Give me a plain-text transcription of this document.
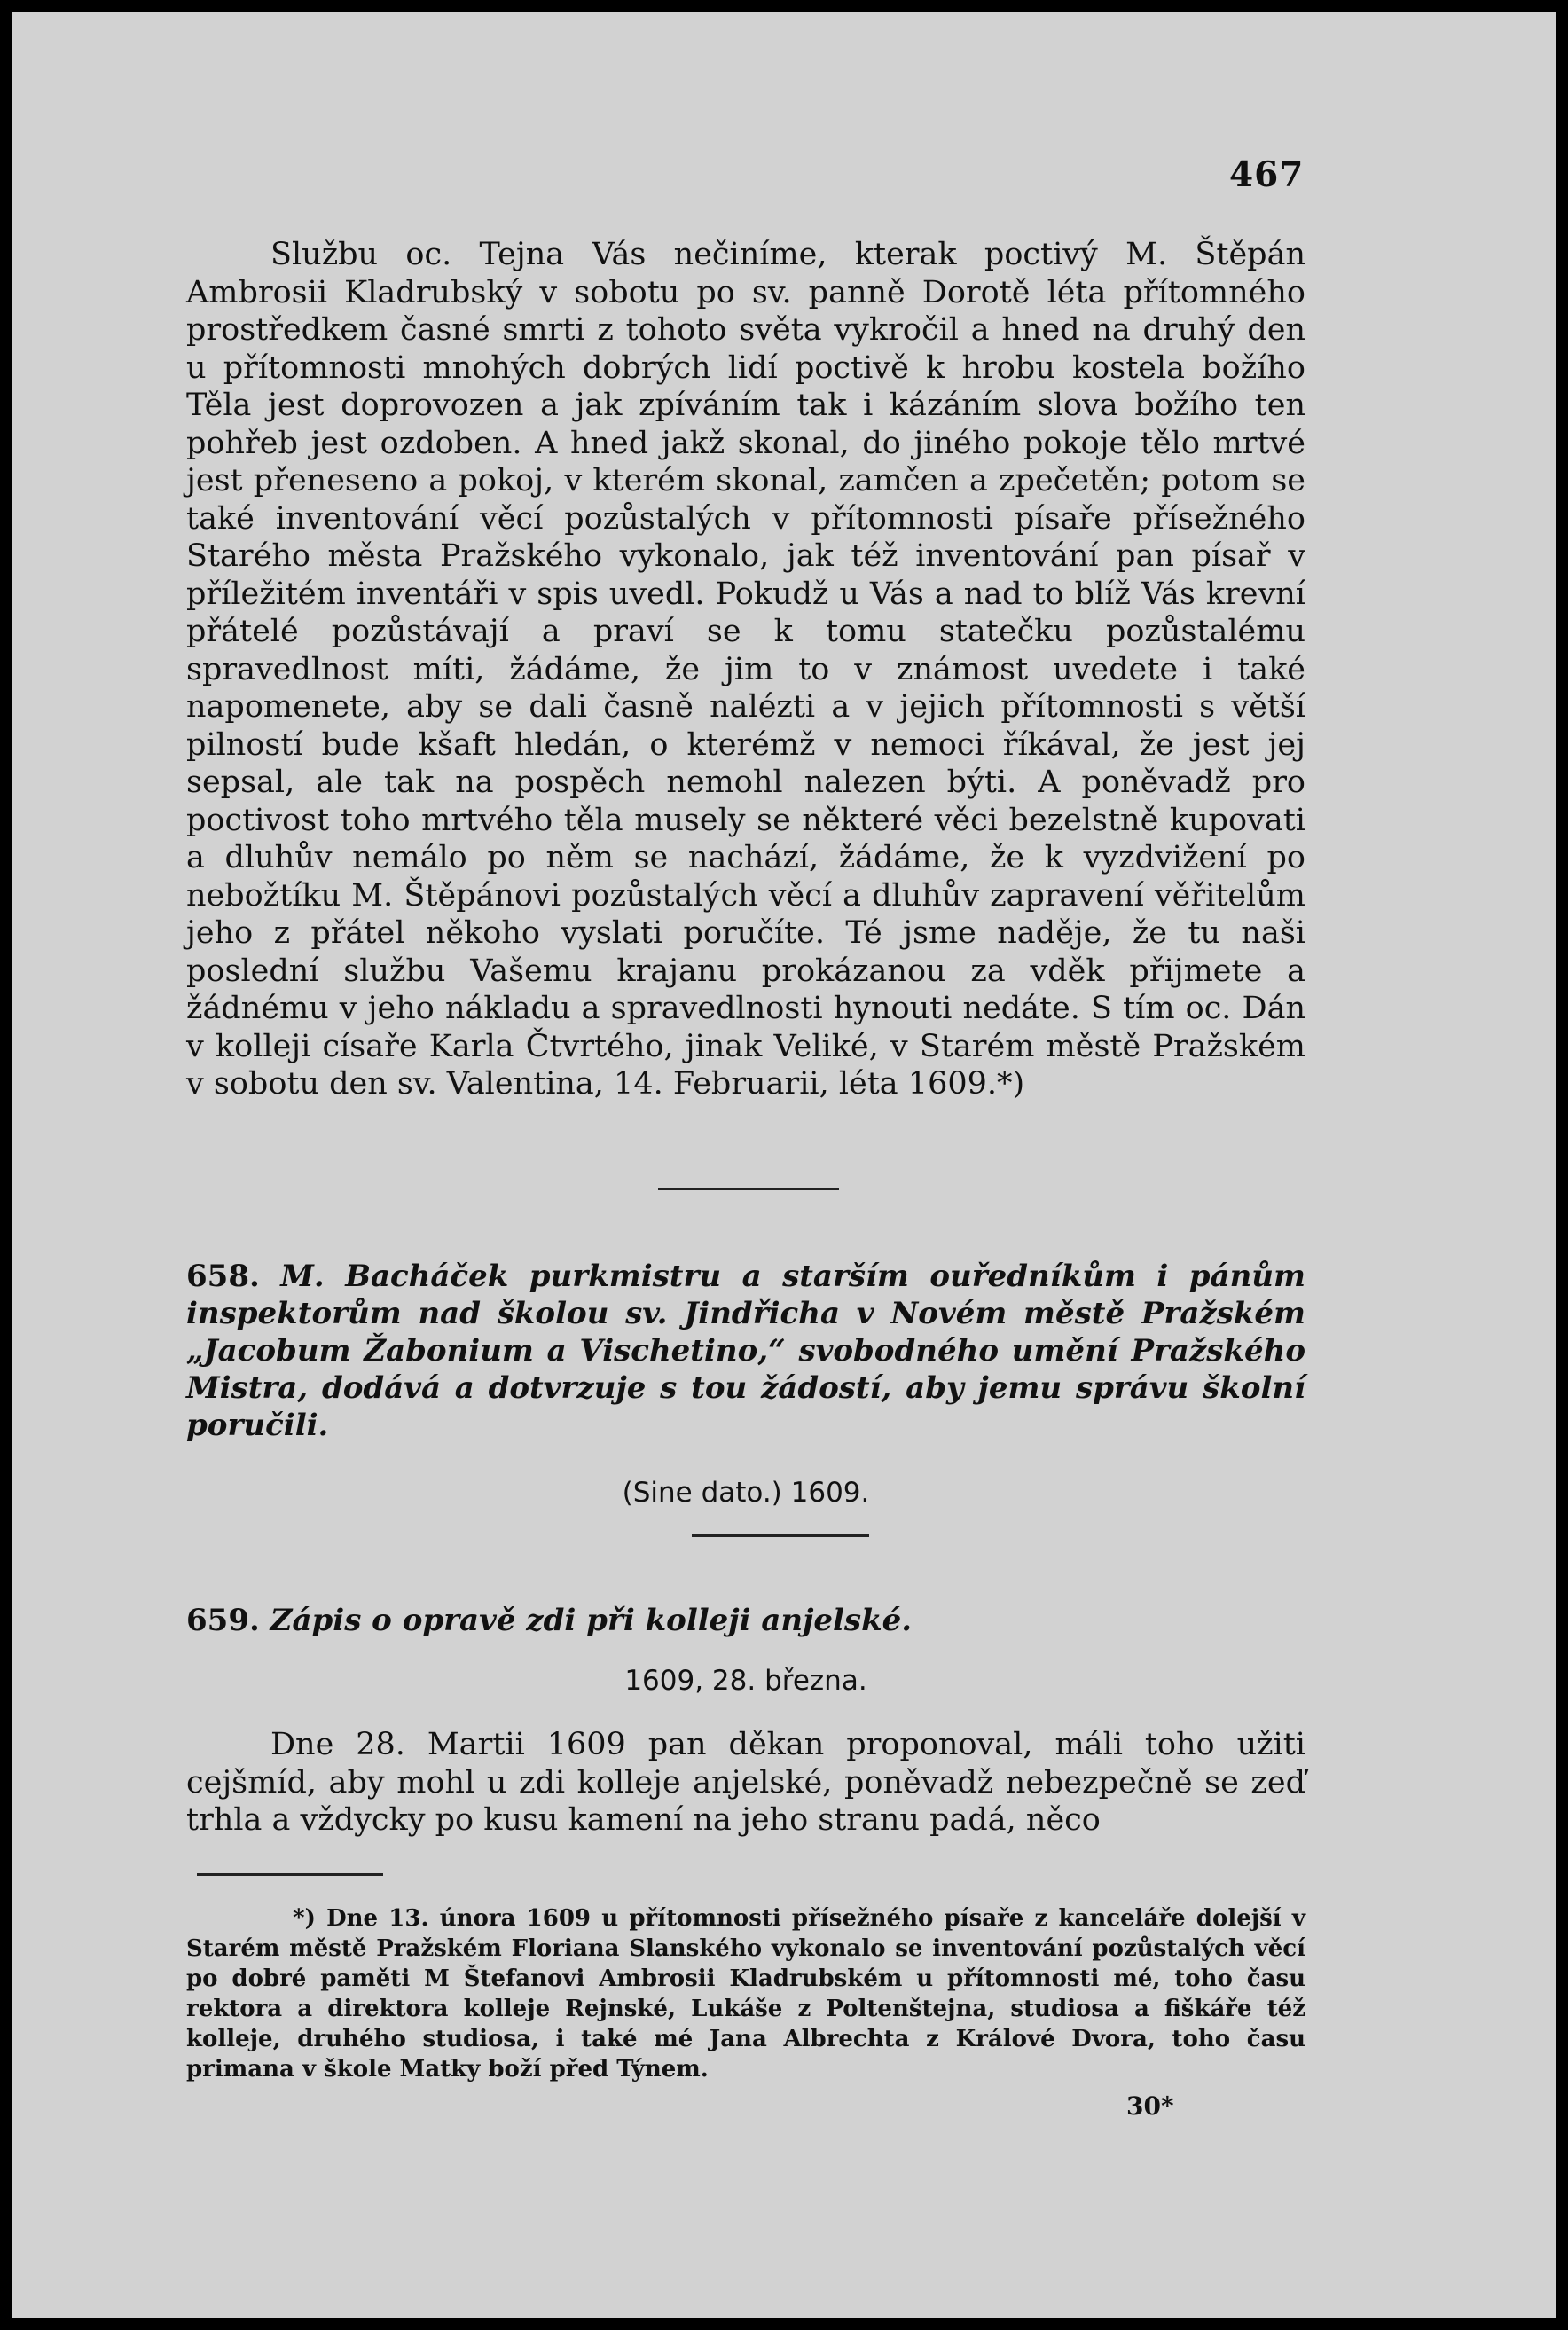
467

Službu oc. Tejna Vás nečiníme, kterak poctivý M. Štěpán Ambrosii Kladrubský v sobotu po sv. panně Dorotě léta přítomného prostředkem časné smrti z tohoto světa vykročil a hned na druhý den u přítomnosti mnohých dobrých lidí poctivě k hrobu kostela božího Těla jest doprovozen a jak zpíváním tak i kázáním slova božího ten pohřeb jest ozdoben. A hned jakž skonal, do jiného pokoje tělo mrtvé jest přeneseno a pokoj, v kterém skonal, zamčen a zpečetěn; potom se také inventování věcí pozůstalých v přítomnosti písaře přísežného Starého města Pražského vykonalo, jak též inventování pan písař v příležitém inventáři v spis uvedl. Pokudž u Vás a nad to blíž Vás krevní přátelé pozůstávají a praví se k tomu statečku pozůstalému spravedlnost míti, žádáme, že jim to v známost uvedete i také napomenete, aby se dali časně nalézti a v jejich přítomnosti s větší pilností bude kšaft hledán, o kterémž v nemoci říkával, že jest jej sepsal, ale tak na pospěch nemohl nalezen býti. A poněvadž pro poctivost toho mrtvého těla musely se některé věci bezelstně kupovati a dluhův nemálo po něm se nachází, žádáme, že k vyzdvižení po nebožtíku M. Štěpánovi pozůstalých věcí a dluhův zapravení věřitelům jeho z přátel někoho vyslati poručíte. Té jsme naděje, že tu naši poslední službu Vašemu krajanu prokázanou za vděk přijmete a žádnému v jeho nákladu a spravedlnosti hynouti nedáte. S tím oc. Dán v kolleji císaře Karla Čtvrtého, jinak Veliké, v Starém městě Pražském v sobotu den sv. Valentina, 14. Februarii, léta 1609.*)

658. M. Bacháček purkmistru a starším ouředníkům i pánům inspektorům nad školou sv. Jindřicha v Novém městě Pražském „Jacobum Žabonium a Vischetino,“ svobodného umění Pražského Mistra, dodává a dotvrzuje s tou žádostí, aby jemu správu školní poručili.

(Sine dato.) 1609.

659. Zápis o opravě zdi při kolleji anjelské.

1609, 28. března.

Dne 28. Martii 1609 pan děkan proponoval, máli toho užiti cejšmíd, aby mohl u zdi kolleje anjelské, poněvadž nebezpečně se zeď trhla a vždycky po kusu kamení na jeho stranu padá, něco

*) Dne 13. února 1609 u přítomnosti přísežného písaře z kanceláře dolejší v Starém městě Pražském Floriana Slanského vykonalo se inventování pozůstalých věcí po dobré paměti M Štefanovi Ambrosii Kladrubském u přítomnosti mé, toho času rektora a direktora kolleje Rejnské, Lukáše z Poltenštejna, studiosa a fiškáře též kolleje, druhého studiosa, i také mé Jana Albrechta z Králové Dvora, toho času primana v škole Matky boží před Týnem.

30*
